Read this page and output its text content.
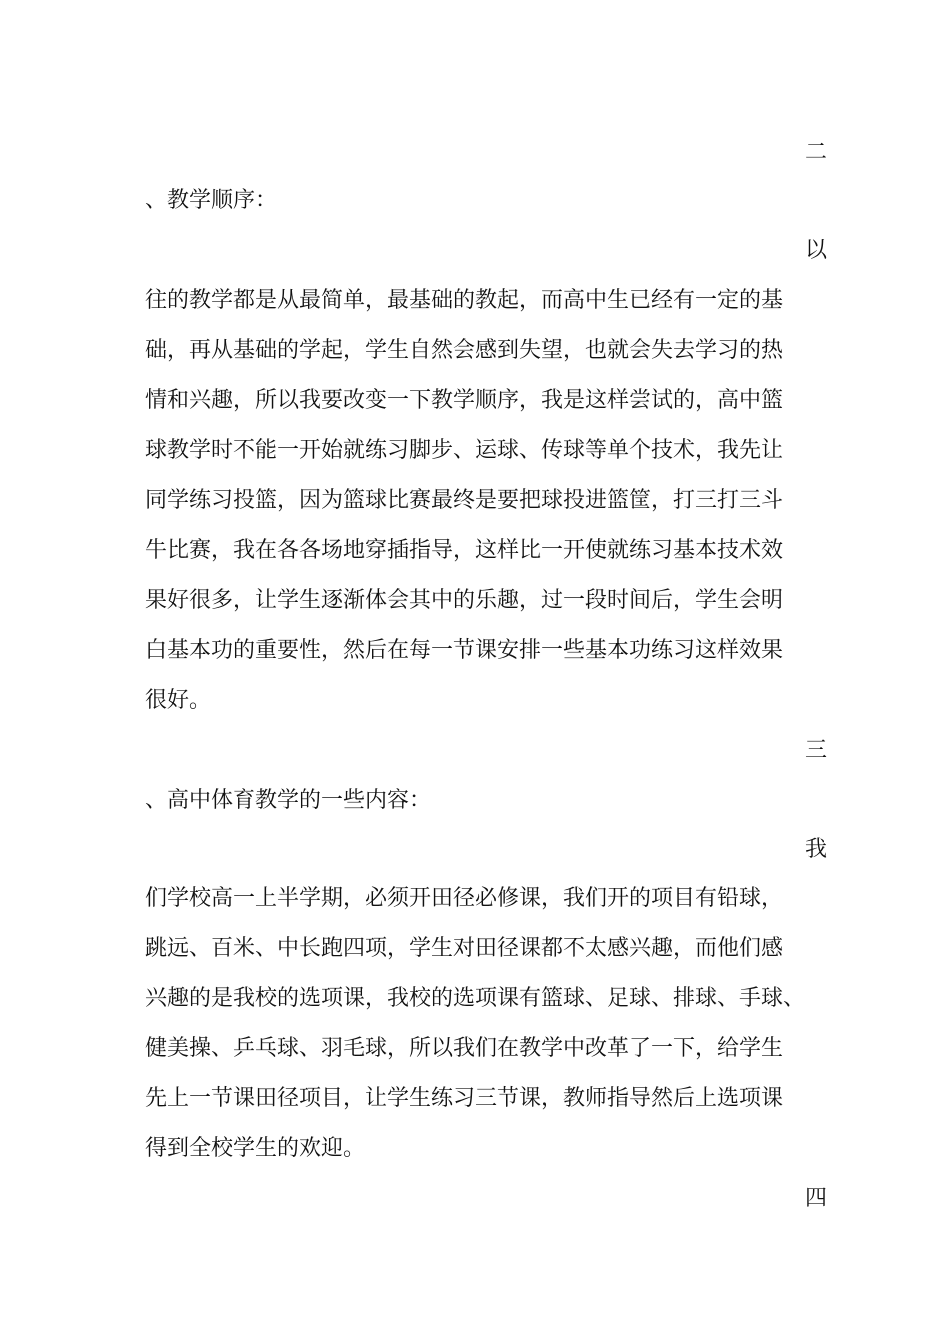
二
、教学顺序：
以
往的教学都是从最简单，最基础的教起，而高中生已经有一定的基
础，再从基础的学起，学生自然会感到失望，也就会失去学习的热
情和兴趣，所以我要改变一下教学顺序，我是这样尝试的，高中篮
球教学时不能一开始就练习脚步、运球、传球等单个技术，我先让
同学练习投篮，因为篮球比赛最终是要把球投进篮筐，打三打三斗
牛比赛，我在各各场地穿插指导，这样比一开使就练习基本技术效
果好很多，让学生逐渐体会其中的乐趣，过一段时间后，学生会明
白基本功的重要性，然后在每一节课安排一些基本功练习这样效果
很好。
三
、高中体育教学的一些内容：
我
们学校高一上半学期，必须开田径必修课，我们开的项目有铅球，
跳远、百米、中长跑四项，学生对田径课都不太感兴趣，而他们感
兴趣的是我校的选项课，我校的选项课有篮球、足球、排球、手球、
健美操、乒乓球、羽毛球，所以我们在教学中改革了一下，给学生
先上一节课田径项目，让学生练习三节课，教师指导然后上选项课
得到全校学生的欢迎。
四
